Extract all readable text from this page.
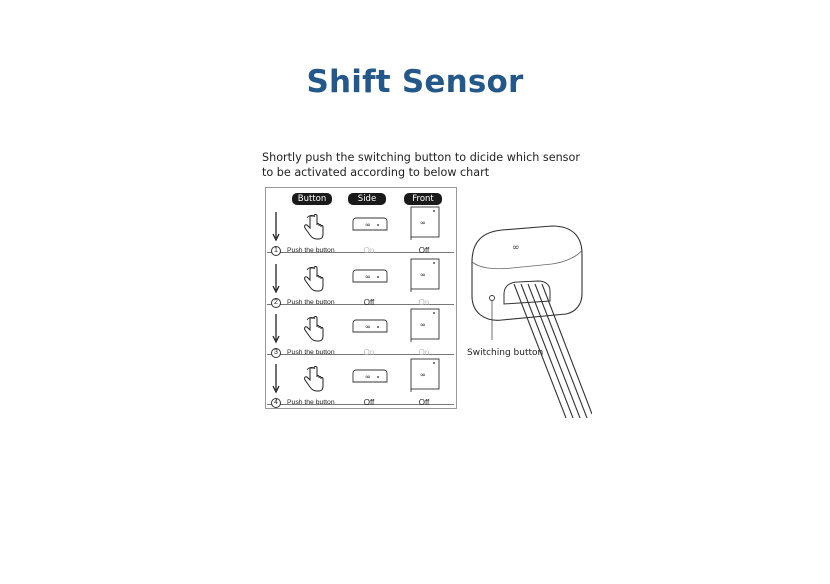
Shift Sensor
Shortly push the switching button to dicide which sensor to be activated according to below chart
Button	Side	Front
∞	∞
1	Push the button	On	Off
∞	∞
2	Push the button	Off	On
∞	∞
3	Push the button	On	On
∞	∞
4	Push the button	Off	Off
∞
Switching button
